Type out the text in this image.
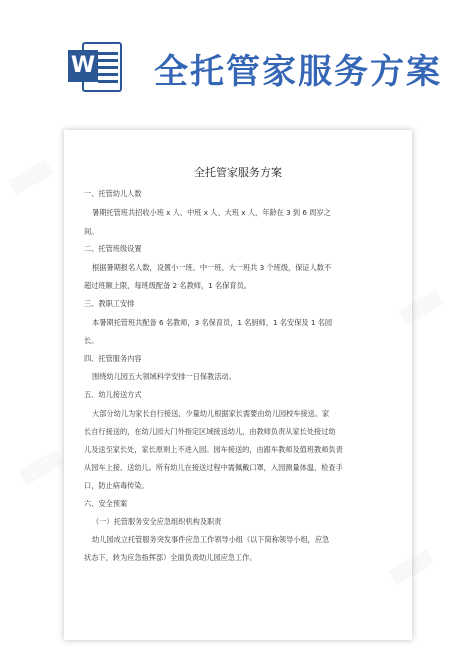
W 全托管家服务方案
全托管家服务方案
一、托管幼儿人数
暑期托管班共招收小班 x 人、中班 x 人、大班 x 人，年龄在 3 到 6 周岁之
间。
二、托管班级设置
根据暑期报名人数，设置小一班、中一班、大一班共 3 个班级，保证人数不
超过班额上限，每班级配备 2 名教师，1 名保育员。
三、教职工安排
本暑期托管班共配备 6 名教师，3 名保育员，1 名厨师，1 名安保及 1 名园
长。
四、托管服务内容
围绕幼儿园五大领域科学安排一日保教活动。
五、幼儿接送方式
大部分幼儿为家长自行接送，少量幼儿根据家长需要由幼儿园校车接送。家
长自行接送的，在幼儿园大门外指定区域接送幼儿，由教师负责从家长处接过幼
儿及送至家长处，家长原则上不进入园。园车接送的，由跟车教师及值班教师负责
从园车上接、送幼儿。所有幼儿在接送过程中需佩戴口罩，入园测量体温、检查手
口，防止病毒传染。
六、安全预案
（一）托管服务安全应急组织机构及职责
幼儿园成立托管服务突发事件应急工作领导小组（以下简称领导小组，应急
状态下，转为应急指挥部）全面负责幼儿园应急工作。
▒▒▒▒
▒▒▒▒
▒▒▒▒
▒▒▒▒
